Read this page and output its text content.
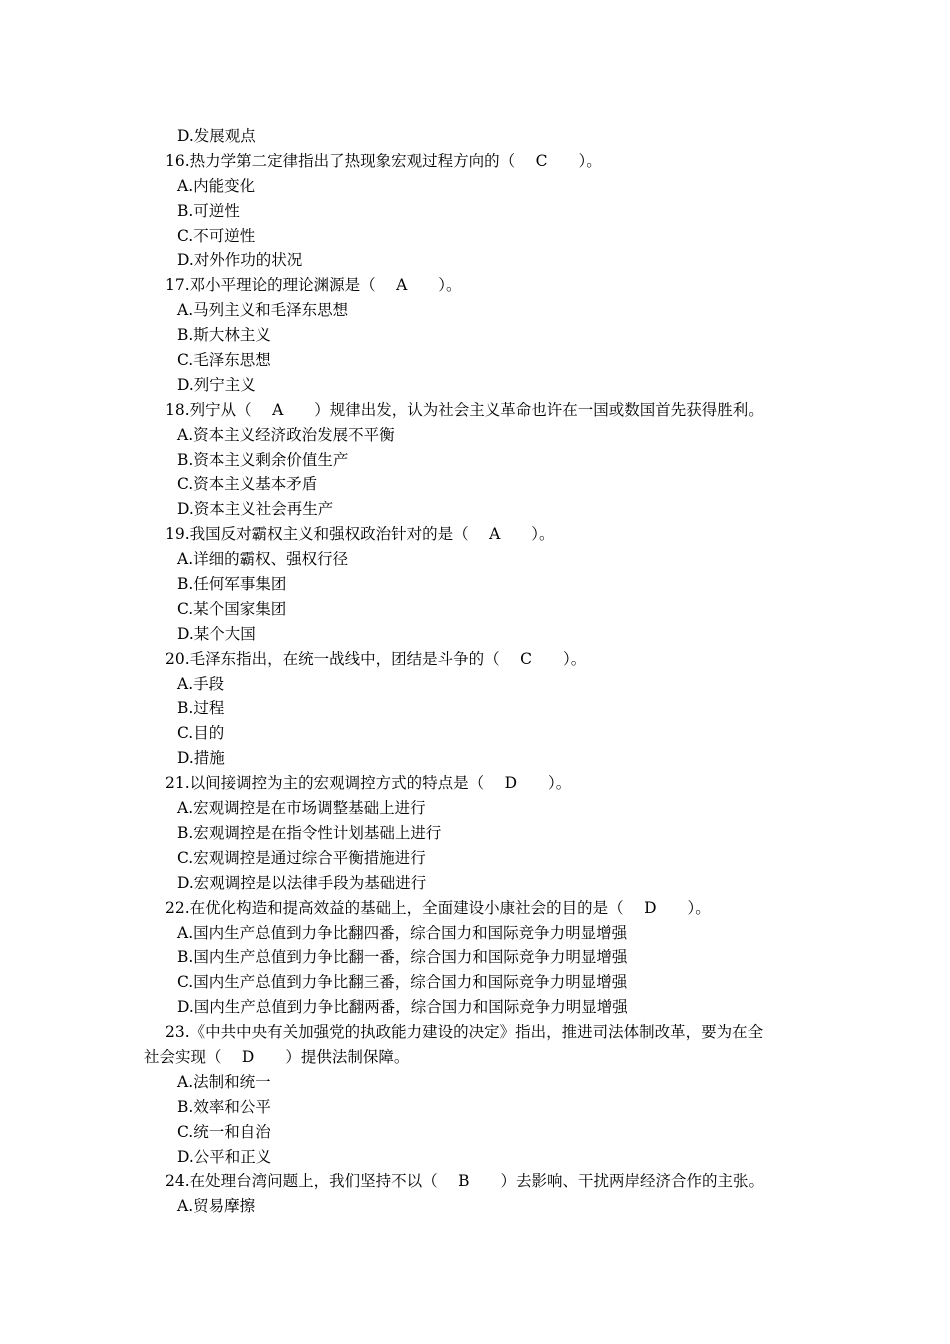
D.发展观点
16.热力学第二定律指出了热现象宏观过程方向的（　 C　　）。
A.内能变化
B.可逆性
C.不可逆性
D.对外作功的状况
17.邓小平理论的理论渊源是（　 A　　）。
A.马列主义和毛泽东思想
B.斯大林主义
C.毛泽东思想
D.列宁主义
18.列宁从（　 A　　）规律出发，认为社会主义革命也许在一国或数国首先获得胜利。
A.资本主义经济政治发展不平衡
B.资本主义剩余价值生产
C.资本主义基本矛盾
D.资本主义社会再生产
19.我国反对霸权主义和强权政治针对的是（　 A　　）。
A.详细的霸权、强权行径
B.任何军事集团
C.某个国家集团
D.某个大国
20.毛泽东指出，在统一战线中，团结是斗争的（　 C　　）。
A.手段
B.过程
C.目的
D.措施
21.以间接调控为主的宏观调控方式的特点是（　 D　　）。
A.宏观调控是在市场调整基础上进行
B.宏观调控是在指令性计划基础上进行
C.宏观调控是通过综合平衡措施进行
D.宏观调控是以法律手段为基础进行
22.在优化构造和提高效益的基础上，全面建设小康社会的目的是（　 D　　）。
A.国内生产总值到力争比翻四番，综合国力和国际竞争力明显增强
B.国内生产总值到力争比翻一番，综合国力和国际竞争力明显增强
C.国内生产总值到力争比翻三番，综合国力和国际竞争力明显增强
D.国内生产总值到力争比翻两番，综合国力和国际竞争力明显增强
23.《中共中央有关加强党的执政能力建设的决定》指出，推进司法体制改革，要为在全
社会实现（　 D　　）提供法制保障。
A.法制和统一
B.效率和公平
C.统一和自治
D.公平和正义
24.在处理台湾问题上，我们坚持不以（　 B　　）去影响、干扰两岸经济合作的主张。
A.贸易摩擦
